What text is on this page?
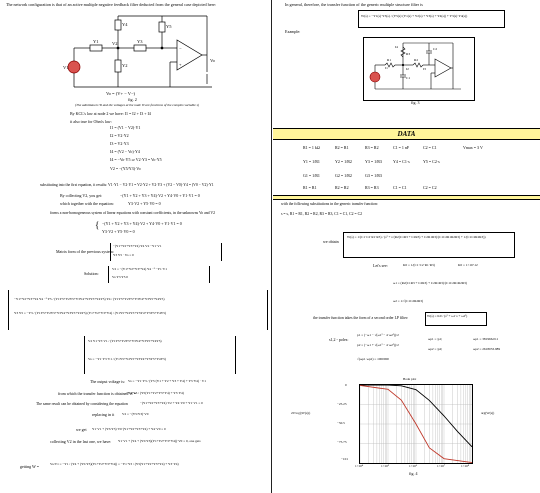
The network configuration is that of an active multiple negative feedback filter deducted from the general case depicted here:
Y1
Y2
Y3
Y4	Y5
V1
V2
Vo
−
+
Vo = (V+ − V−)
fig. 2
(The admittances Yi and the voltages at the node Vi are functions of the complex variable s)
By KCL's law at node 2 we have: I1 = I2 + I3 + I4
it also true for Ohm's law:
I1 = (V1 − V2)·Y1
I2 = V2·Y2
I3 = V2·Y3
I4 = (V2 − Vo)·Y4
I4 = −Vo·Y5 ⇒ V2·Y3 = Vo·Y5
V2 = −(Y5/Y3)·Vo
substituting into the first equation, it results: V1·Y1 − V2·Y1 = V2·Y2 + V2·Y3 + (V2 − V0)·Y4 = (V0 − V2)·Y1
By collecting V2, you get:	−(Y1 + Y2 + Y3 + Y4)·V2 + Y4·V0 + Y1·V1 = 0
which together with the equation:	Y3·V2 + Y5·V0 = 0
forms a non-homogeneous system of linear equations with constant coefficients, in the unknowns Vo and V2
{ −(Y1 + Y2 + Y3 + Y4)·V2 + Y4·V0 + Y1·V1 = 0
Y3·V2 + Y5·V0 = 0
Matrix form of the previous system:
−(Y1+Y2+Y3+Y4) Y4 V2 −Y1·V1
Y3 Y5 · Vo = 0
Solution:
V2 = −(Y1+Y2+Y3+Y4) Y4 ⁻¹ −Y1·V1
Vo Y3 Y5 0
−Y1+Y2+Y3+Y4 Y4 ⁻¹ Y5 / (Y1Y5+Y2Y5+Y3Y4+Y3Y5+Y4Y5) Y4 / (Y1Y5+Y2Y5+Y3Y4+Y3Y5+Y4Y5)
Y3 Y5 = −Y3 / (Y1Y5+Y2Y5+Y3Y4+Y3Y5+Y4Y5) (Y1+Y2+Y3+Y4) / (Y1Y5+Y2Y5+Y3Y4+Y3Y5+Y4Y5)
V2 Y1·Y5·V1 / (Y1Y5+Y2Y5+Y3Y4+Y3Y5+Y4Y5)
Vo = −Y1·Y3·V1 / (Y1Y5+Y2Y5+Y3Y4+Y3Y5+Y4Y5)
The output voltage is: Vo = −Y1·Y3 / (Y5·(Y1 + Y2 + Y3 + Y4) + Y3·Y4) · V1
from which the transfer function is obtained W =
−Y1·Y3 / (Y5(Y1+Y2+Y3+Y4) + Y3·Y4)
The same result can be obtained by considering the equation	−(Y1+Y2+Y3+Y4)·V2 + Y4·V0 + Y1·V1 = 0
replacing in it V2 = −(Y5/Y3)·V0
we get Y1·V1 + (Y5/Y3)·V0·(Y1+Y2+Y3+Y4) + Y4·V0 = 0
collecting V2 in the last one, we have: Y1·V1 + (Y4 + (Y5/Y3)(Y1+Y2+Y3+Y4))·V0 = 0, one gets
getting W =	Vo/V1 = −Y1 / (Y4 + (Y5/Y3)(Y1+Y2+Y3+Y4)) = −Y1·Y3 / (Y5(Y1+Y2+Y3+Y4) + Y3·Y4)
In general, therefore, the transfer function of the generic multiple structure filter is
W(s) = −Y1(s)·Y3(s) / (Y5(s)·(Y1(s) + Y2(s) + Y3(s) + Y4(s)) + Y3(s)·Y4(s))
Example:
R1
R3
R2
C1
C2
I1
I4
I2	I3
fig. 3
DATA
R1 = 1 kΩ	R2 = R1	R3 = R2	C1 = 1 nF	C2 = C1	Vmax = 3 V
Y1 = 1/R1	Y2 = 1/R2	Y3 = 1/R3	Y4 = C1·s	Y5 = C2·s
G1 = 1/R1	G2 = 1/R2	G3 = 1/R3
R1 = R1	R2 = R2	R3 = R3	C1 = C1	C2 = C2
with the following substitutions in the generic transfer function:
s = s, R1 = R1, R2 = R2, R3 = R3, C1 = C1, C2 = C2
we obtain
W(s) = 1/(C1·C2·R1·R3) / (s² + s·(R2(C1R3 + C2R3) + C2R1R3)/(C1C2R1R2R3) + 1/(C1C2R2R3))
Let's see:	K0 = 1/(C1·C2·R1·R3)	K0 = 1×10^12
ω1 = (R2(C1R3 + C2R3) + C2R1R3)/(C1C2R1R2R3)
ω2 = 1/√(C1C2R2R3)
the transfer function takes the form of a second order LP filter:	W(s) = K0 / (s² + ω1·s + ω2²)
s1,2 - poles:
p1 = (−ω1 − √(ω1² − 4·ω2²))/2
p2 = (−ω1 + √(ω1² − 4·ω2²))/2
ωp1 = |p1|
ωp2 = |p2|
ωp1 = 381966.011
ωp2 = 2618033.989
√(ωp1·ωp2) = 1000000
Bode plot
20·log(|W(s)|)	arg(W(s))
0
−25.25
−50.5
−75.75
−101
1×10⁴	1×10⁵	1×10⁶	1×10⁷	1×10⁸
fig. 4
